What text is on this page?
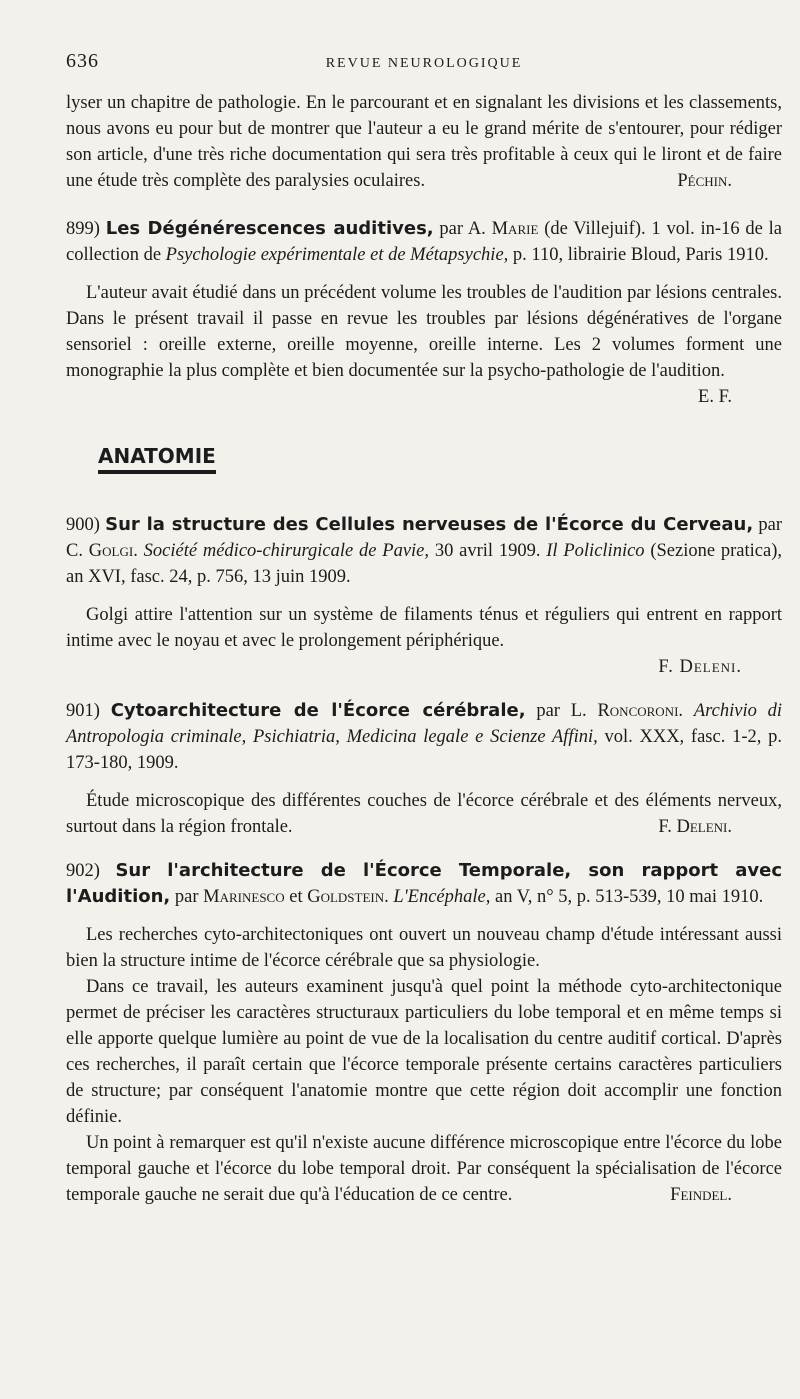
636	REVUE NEUROLOGIQUE

lyser un chapitre de pathologie. En le parcourant et en signalant les divisions et les classements, nous avons eu pour but de montrer que l'auteur a eu le grand mérite de s'entourer, pour rédiger son article, d'une très riche documentation qui sera très profitable à ceux qui le liront et de faire une étude très complète des paralysies oculaires.	Péchin.

899) Les Dégénérescences auditives, par A. Marie (de Villejuif). 1 vol. in-16 de la collection de Psychologie expérimentale et de Métapsychie, p. 110, librairie Bloud, Paris 1910.

L'auteur avait étudié dans un précédent volume les troubles de l'audition par lésions centrales. Dans le présent travail il passe en revue les troubles par lésions dégénératives de l'organe sensoriel : oreille externe, oreille moyenne, oreille interne. Les 2 volumes forment une monographie la plus complète et bien documentée sur la psycho-pathologie de l'audition.
E. F.

ANATOMIE

900) Sur la structure des Cellules nerveuses de l'Écorce du Cerveau, par C. Golgi. Société médico-chirurgicale de Pavie, 30 avril 1909. Il Policlinico (Sezione pratica), an XVI, fasc. 24, p. 756, 13 juin 1909.

Golgi attire l'attention sur un système de filaments ténus et réguliers qui entrent en rapport intime avec le noyau et avec le prolongement périphérique.

F. Deleni.

901) Cytoarchitecture de l'Écorce cérébrale, par L. Roncoroni. Archivio di Antropologia criminale, Psichiatria, Medicina legale e Scienze Affini, vol. XXX, fasc. 1-2, p. 173-180, 1909.

Étude microscopique des différentes couches de l'écorce cérébrale et des éléments nerveux, surtout dans la région frontale.	F. Deleni.

902) Sur l'architecture de l'Écorce Temporale, son rapport avec l'Audition, par Marinesco et Goldstein. L'Encéphale, an V, n° 5, p. 513-539, 10 mai 1910.

Les recherches cyto-architectoniques ont ouvert un nouveau champ d'étude intéressant aussi bien la structure intime de l'écorce cérébrale que sa physiologie.

Dans ce travail, les auteurs examinent jusqu'à quel point la méthode cyto-architectonique permet de préciser les caractères structuraux particuliers du lobe temporal et en même temps si elle apporte quelque lumière au point de vue de la localisation du centre auditif cortical. D'après ces recherches, il paraît certain que l'écorce temporale présente certains caractères particuliers de structure; par conséquent l'anatomie montre que cette région doit accomplir une fonction définie.

Un point à remarquer est qu'il n'existe aucune différence microscopique entre l'écorce du lobe temporal gauche et l'écorce du lobe temporal droit. Par conséquent la spécialisation de l'écorce temporale gauche ne serait due qu'à l'éducation de ce centre.	Feindel.
